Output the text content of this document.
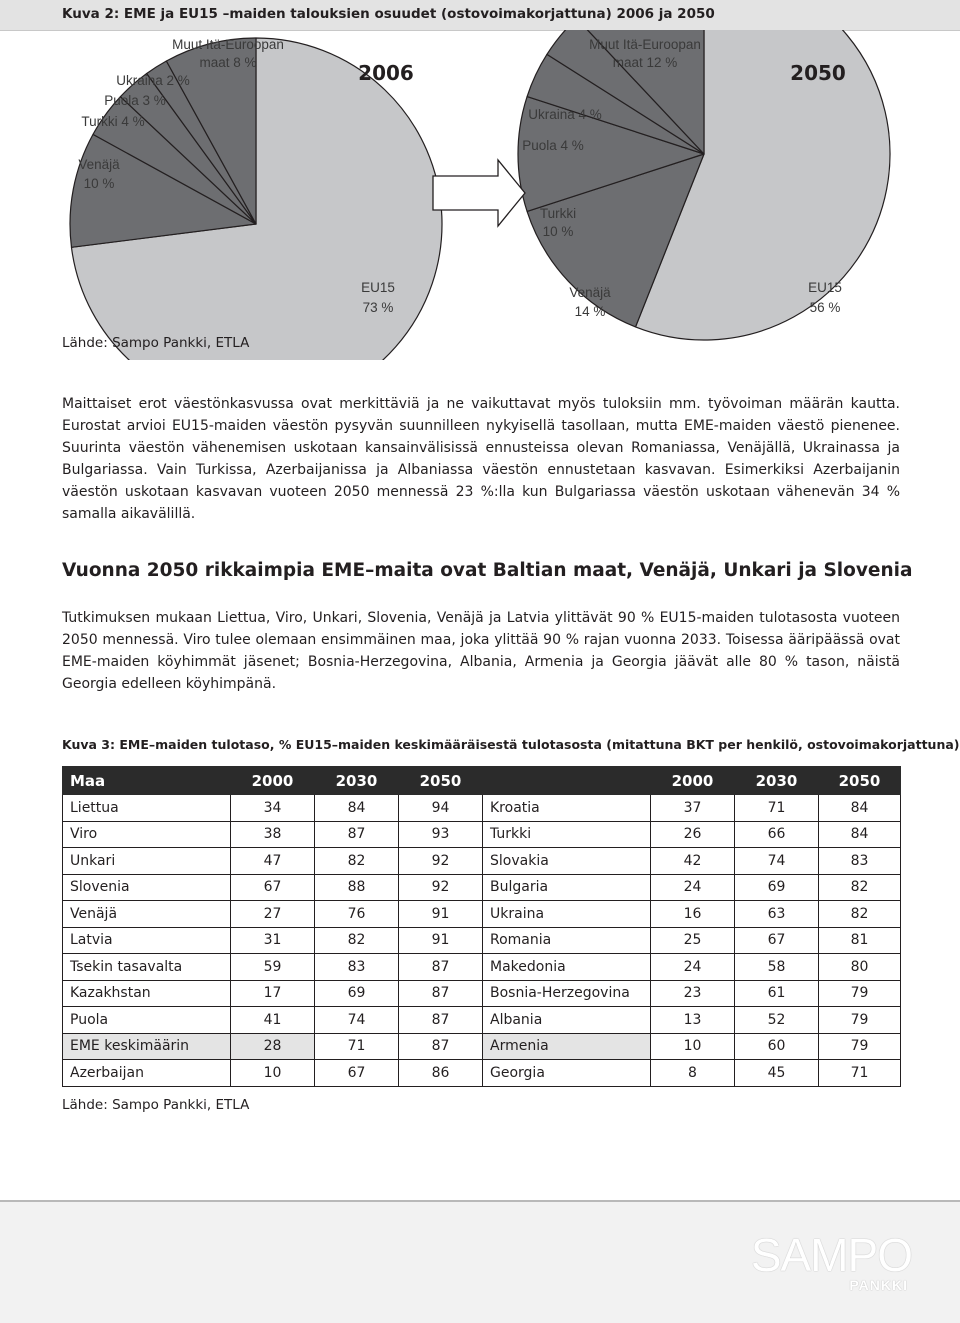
Kuva 2: EME ja EU15 –maiden talouksien osuudet (ostovoimakorjattuna) 2006 ja 2050
2006
Muut Itä-Euroopan
maat 8 %
Ukraina 2 %
Puola 3 %
Turkki 4 %
Venäjä
10 %
EU15
73 %
2050
Muut Itä-Euroopan
maat 12 %
Ukraina 4 %
Puola 4 %
Turkki
10 %
Venäjä
14 %
EU15
56 %
Lähde: Sampo Pankki, ETLA
Maittaiset erot väestönkasvussa ovat merkittäviä ja ne vaikuttavat myös tuloksiin mm. työvoiman määrän kautta. Eurostat arvioi EU15-maiden väestön pysyvän suunnilleen nykyisellä tasollaan, mutta EME-maiden väestö pienenee. Suurinta väestön vähenemisen uskotaan kansainvälisissä ennusteissa olevan Romaniassa, Venäjällä, Ukrainassa ja Bulgariassa. Vain Turkissa, Azerbaijanissa ja Albaniassa väestön ennustetaan kasvavan. Esimerkiksi Azerbaijanin väestön uskotaan kasvavan vuoteen 2050 mennessä 23 %:lla kun Bulgariassa väestön uskotaan vähenevän 34 % samalla aikavälillä.
Vuonna 2050 rikkaimpia EME–maita ovat Baltian maat, Venäjä, Unkari ja Slovenia
Tutkimuksen mukaan Liettua, Viro, Unkari, Slovenia, Venäjä ja Latvia ylittävät 90 % EU15-maiden tulotasosta vuoteen 2050 mennessä. Viro tulee olemaan ensimmäinen maa, joka ylittää 90 % rajan vuonna 2033. Toisessa ääripäässä ovat EME-maiden köyhimmät jäsenet; Bosnia-Herzegovina, Albania, Armenia ja Georgia jäävät alle 80 % tason, näistä Georgia edelleen köyhimpänä.
Kuva 3: EME–maiden tulotaso, % EU15–maiden keskimääräisestä tulotasosta (mitattuna BKT per henkilö, ostovoimakorjattuna)
Maa	2000	2030	2050		2000	2030	2050
Liettua	34	84	94	Kroatia	37	71	84
Viro	38	87	93	Turkki	26	66	84
Unkari	47	82	92	Slovakia	42	74	83
Slovenia	67	88	92	Bulgaria	24	69	82
Venäjä	27	76	91	Ukraina	16	63	82
Latvia	31	82	91	Romania	25	67	81
Tsekin tasavalta	59	83	87	Makedonia	24	58	80
Kazakhstan	17	69	87	Bosnia-Herzegovina	23	61	79
Puola	41	74	87	Albania	13	52	79
EME keskimäärin	28	71	87	Armenia	10	60	79
Azerbaijan	10	67	86	Georgia	8	45	71
Lähde: Sampo Pankki, ETLA
SAMPO
PANKKI
